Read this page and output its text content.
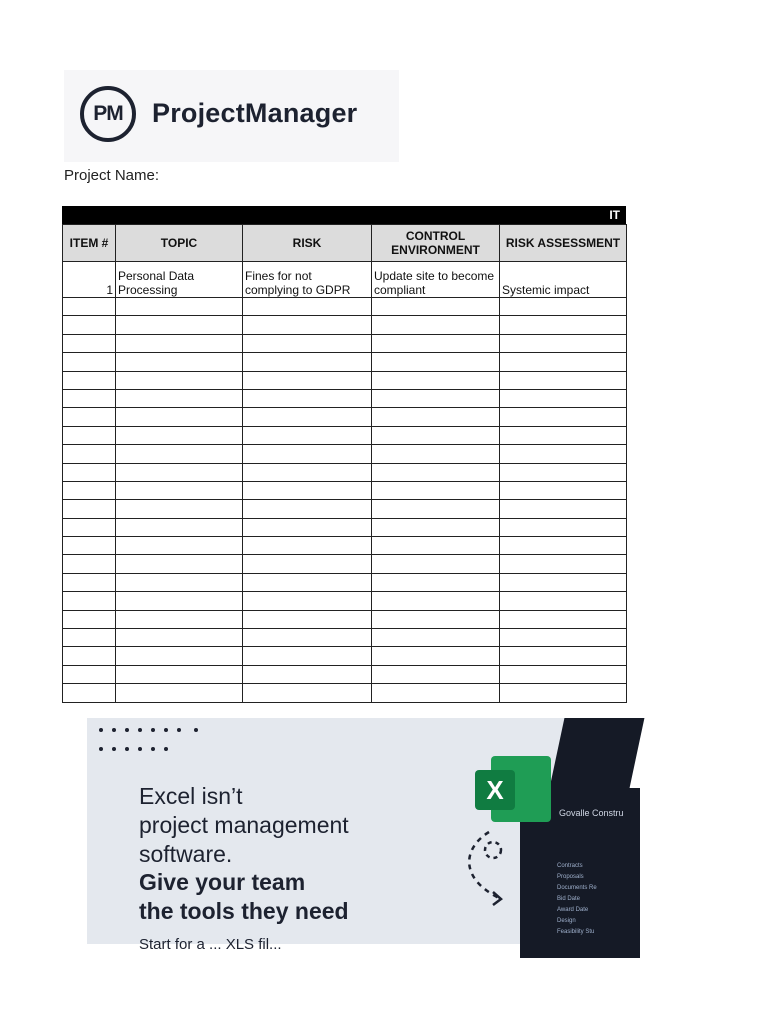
PM	ProjectManager
Project Name:
IT
ITEM #	TOPIC	RISK	CONTROL ENVIRONMENT	RISK ASSESSMENT
1	Personal Data Processing	Fines for not complying to GDPR	Update site to become compliant	Systemic impact

Excel isn’t
project management
software.
Give your team
the tools they need
Start for a ... XLS fil...
Govalle Constru
Contracts
Proposals
Documents Re
Bid Date
Award Date
Design
Feasibility Stu
X
